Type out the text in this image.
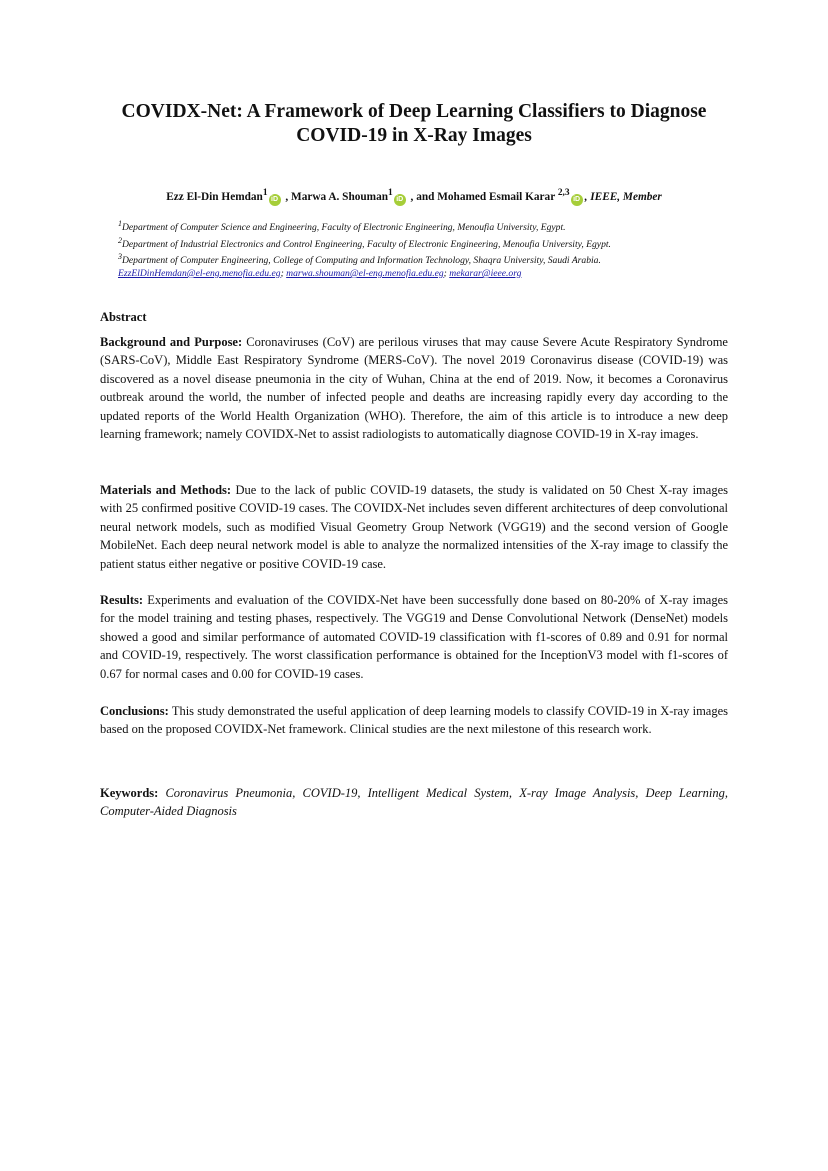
COVIDX-Net: A Framework of Deep Learning Classifiers to Diagnose
COVID-19 in X-Ray Images
Ezz El-Din Hemdan$^1$iD , Marwa A. Shouman$^1$iD , and Mohamed Esmail Karar $^{2,3}$iD , IEEE, Member
$^1$Department of Computer Science and Engineering, Faculty of Electronic Engineering, Menoufia University, Egypt.
$^2$Department of Industrial Electronics and Control Engineering, Faculty of Electronic Engineering, Menoufia University, Egypt.
$^3$Department of Computer Engineering, College of Computing and Information Technology, Shaqra University, Saudi Arabia.
EzzElDinHemdan@el-eng.menofia.edu.eg; marwa.shouman@el-eng.menofia.edu.eg; mekarar@ieee.org
Abstract
Background and Purpose: Coronaviruses (CoV) are perilous viruses that may cause Severe Acute Respiratory Syndrome (SARS-CoV), Middle East Respiratory Syndrome (MERS-CoV). The novel 2019 Coronavirus disease (COVID-19) was discovered as a novel disease pneumonia in the city of Wuhan, China at the end of 2019. Now, it becomes a Coronavirus outbreak around the world, the number of infected people and deaths are increasing rapidly every day according to the updated reports of the World Health Organization (WHO). Therefore, the aim of this article is to introduce a new deep learning framework; namely COVIDX-Net to assist radiologists to automatically diagnose COVID-19 in X-ray images.
Materials and Methods: Due to the lack of public COVID-19 datasets, the study is validated on 50 Chest X-ray images with 25 confirmed positive COVID-19 cases. The COVIDX-Net includes seven different architectures of deep convolutional neural network models, such as modified Visual Geometry Group Network (VGG19) and the second version of Google MobileNet. Each deep neural network model is able to analyze the normalized intensities of the X-ray image to classify the patient status either negative or positive COVID-19 case.
Results: Experiments and evaluation of the COVIDX-Net have been successfully done based on 80-20% of X-ray images for the model training and testing phases, respectively. The VGG19 and Dense Convolutional Network (DenseNet) models showed a good and similar performance of automated COVID-19 classification with f1-scores of 0.89 and 0.91 for normal and COVID-19, respectively. The worst classification performance is obtained for the InceptionV3 model with f1-scores of 0.67 for normal cases and 0.00 for COVID-19 cases.
Conclusions: This study demonstrated the useful application of deep learning models to classify COVID-19 in X-ray images based on the proposed COVIDX-Net framework. Clinical studies are the next milestone of this research work.
Keywords: Coronavirus Pneumonia, COVID-19, Intelligent Medical System, X-ray Image Analysis, Deep Learning, Computer-Aided Diagnosis
